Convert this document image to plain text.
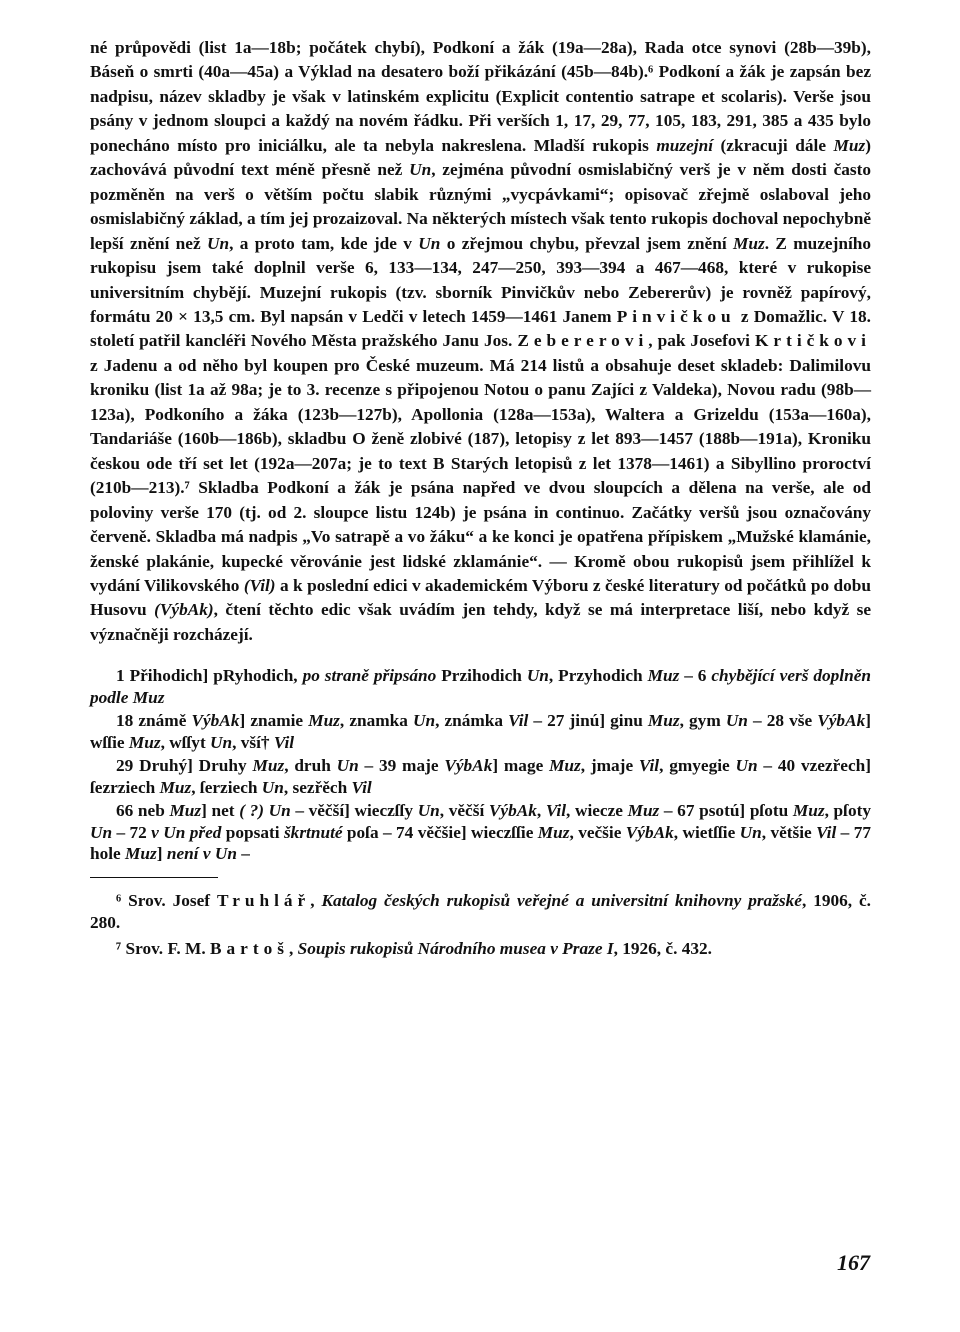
né průpovědi (list 1a—18b; počátek chybí), Podkoní a žák (19a—28a), Rada otce synovi (28b—39b), Báseň o smrti (40a—45a) a Výklad na desatero boží přikázání (45b—84b).⁶ Podkoní a žák je zapsán bez nadpisu, název skladby je však v latinském explicitu (Explicit contentio satrape et scolaris). Verše jsou psány v jednom sloupci a každý na novém řádku. Při verších 1, 17, 29, 77, 105, 183, 291, 385 a 435 bylo ponecháno místo pro iniciálku, ale ta nebyla nakreslena. Mladší rukopis muzejní (zkracuji dále Muz) zachovává původní text méně přesně než Un, zejména původní osmislabičný verš je v něm dosti často pozměněn na verš o větším počtu slabik různými „vycpávkami“; opisovač zřejmě oslaboval jeho osmislabičný základ, a tím jej prozaizoval. Na některých místech však tento rukopis dochoval nepochybně lepší znění než Un, a proto tam, kde jde v Un o zřejmou chybu, převzal jsem znění Muz. Z muzejního rukopisu jsem také doplnil verše 6, 133—134, 247—250, 393—394 a 467—468, které v rukopise universitním chybějí. Muzejní rukopis (tzv. sborník Pinvičkův nebo Zebererův) je rovněž papírový, formátu 20 × 13,5 cm. Byl napsán v Ledči v letech 1459—1461 Janem Pinvičkou z Domažlic. V 18. století patřil kancléři Nového Města pražského Janu Jos. Zebererovi, pak Josefovi Krtičkovi z Jadenu a od něho byl koupen pro České muzeum. Má 214 listů a obsahuje deset skladeb: Dalimilovu kroniku (list 1a až 98a; je to 3. recenze s připojenou Notou o panu Zajíci z Valdeka), Novou radu (98b—123a), Podkoního a žáka (123b—127b), Apollonia (128a—153a), Waltera a Grizeldu (153a—160a), Tandariáše (160b—186b), skladbu O ženě zlobivé (187), letopisy z let 893—1457 (188b—191a), Kroniku českou ode tří set let (192a—207a; je to text B Starých letopisů z let 1378—1461) a Sibyllino proroctví (210b—213).⁷ Skladba Podkoní a žák je psána napřed ve dvou sloupcích a dělena na verše, ale od poloviny verše 170 (tj. od 2. sloupce listu 124b) je psána in continuo. Začátky veršů jsou označovány červeně. Skladba má nadpis „Vo satrapě a vo žáku“ a ke konci je opatřena přípiskem „Mužské klamánie, ženské plakánie, kupecké věrovánie jest lidské zklamánie“. — Kromě obou rukopisů jsem přihlížel k vydání Vilikovského (Vil) a k poslední edici v akademickém Výboru z české literatury od počátků po dobu Husovu (VýbAk), čtení těchto edic však uvádím jen tehdy, když se má interpretace liší, nebo když se význačněji rozcházejí.

1 Přihodich] pRyhodich, po straně připsáno Przihodich Un, Przyhodich Muz – 6 chybějící verš doplněn podle Muz

18 známě VýbAk] znamie Muz, znamka Un, známka Vil – 27 jinú] ginu Muz, gym Un – 28 vše VýbAk] wſſie Muz, wſſyt Un, vší† Vil

29 Druhý] Druhy Muz, druh Un – 39 maje VýbAk] mage Muz, jmaje Vil, gmyegie Un – 40 vzezřech] ſezrziech Muz, ſerziech Un, sezřěch Vil

66 neb Muz] net ( ?) Un – věčší] wieczſſy Un, věčší VýbAk, Vil, wiecze Muz – 67 psotú] pſotu Muz, pſoty Un – 72 v Un před popsati škrtnuté poſa – 74 věčšie] wieczſſie Muz, večšie VýbAk, wietſſie Un, většie Vil – 77 hole Muz] není v Un –

⁶ Srov. Josef Truhlář, Katalog českých rukopisů veřejné a universitní knihovny pražské, 1906, č. 280.

⁷ Srov. F. M. Bartoš, Soupis rukopisů Národního musea v Praze I, 1926, č. 432.

167
